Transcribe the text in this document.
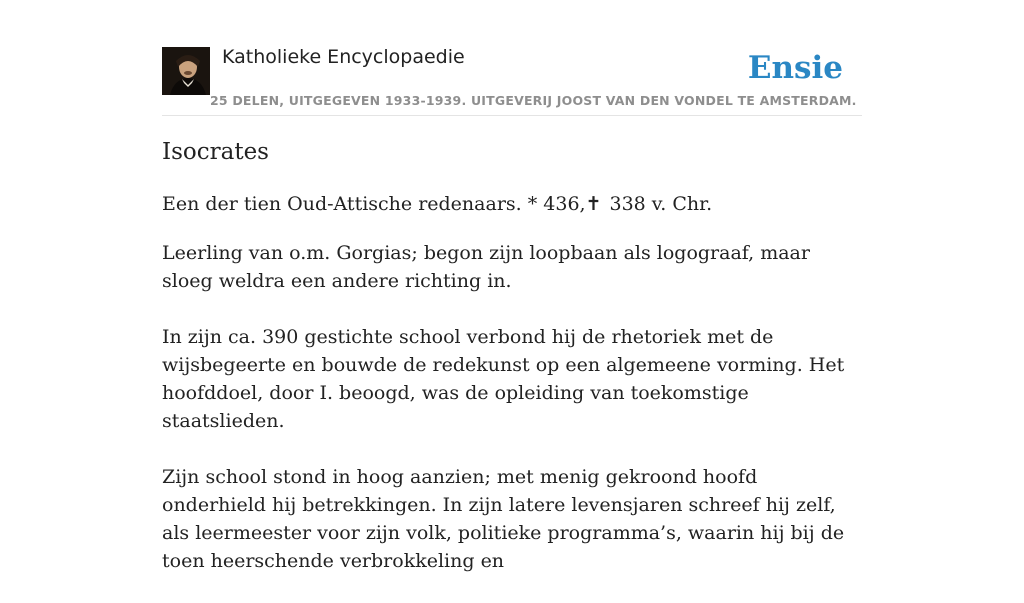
Katholieke Encyclopaedie	Ensie
25 DELEN, UITGEGEVEN 1933-1939. UITGEVERIJ JOOST VAN DEN VONDEL TE AMSTERDAM.
Isocrates

Een der tien Oud-Attische redenaars. * 436,✝ 338 v. Chr.

Leerling van o.m. Gorgias; begon zijn loopbaan als logograaf, maar sloeg weldra een andere richting in.

In zijn ca. 390 gestichte school verbond hij de rhetoriek met de wijsbegeerte en bouwde de redekunst op een algemeene vorming. Het hoofddoel, door I. beoogd, was de opleiding van toekomstige staatslieden.

Zijn school stond in hoog aanzien; met menig gekroond hoofd onderhield hij betrekkingen. In zijn latere levensjaren schreef hij zelf, als leermeester voor zijn volk, politieke programma’s, waarin hij bij de toen heerschende verbrokkeling en
